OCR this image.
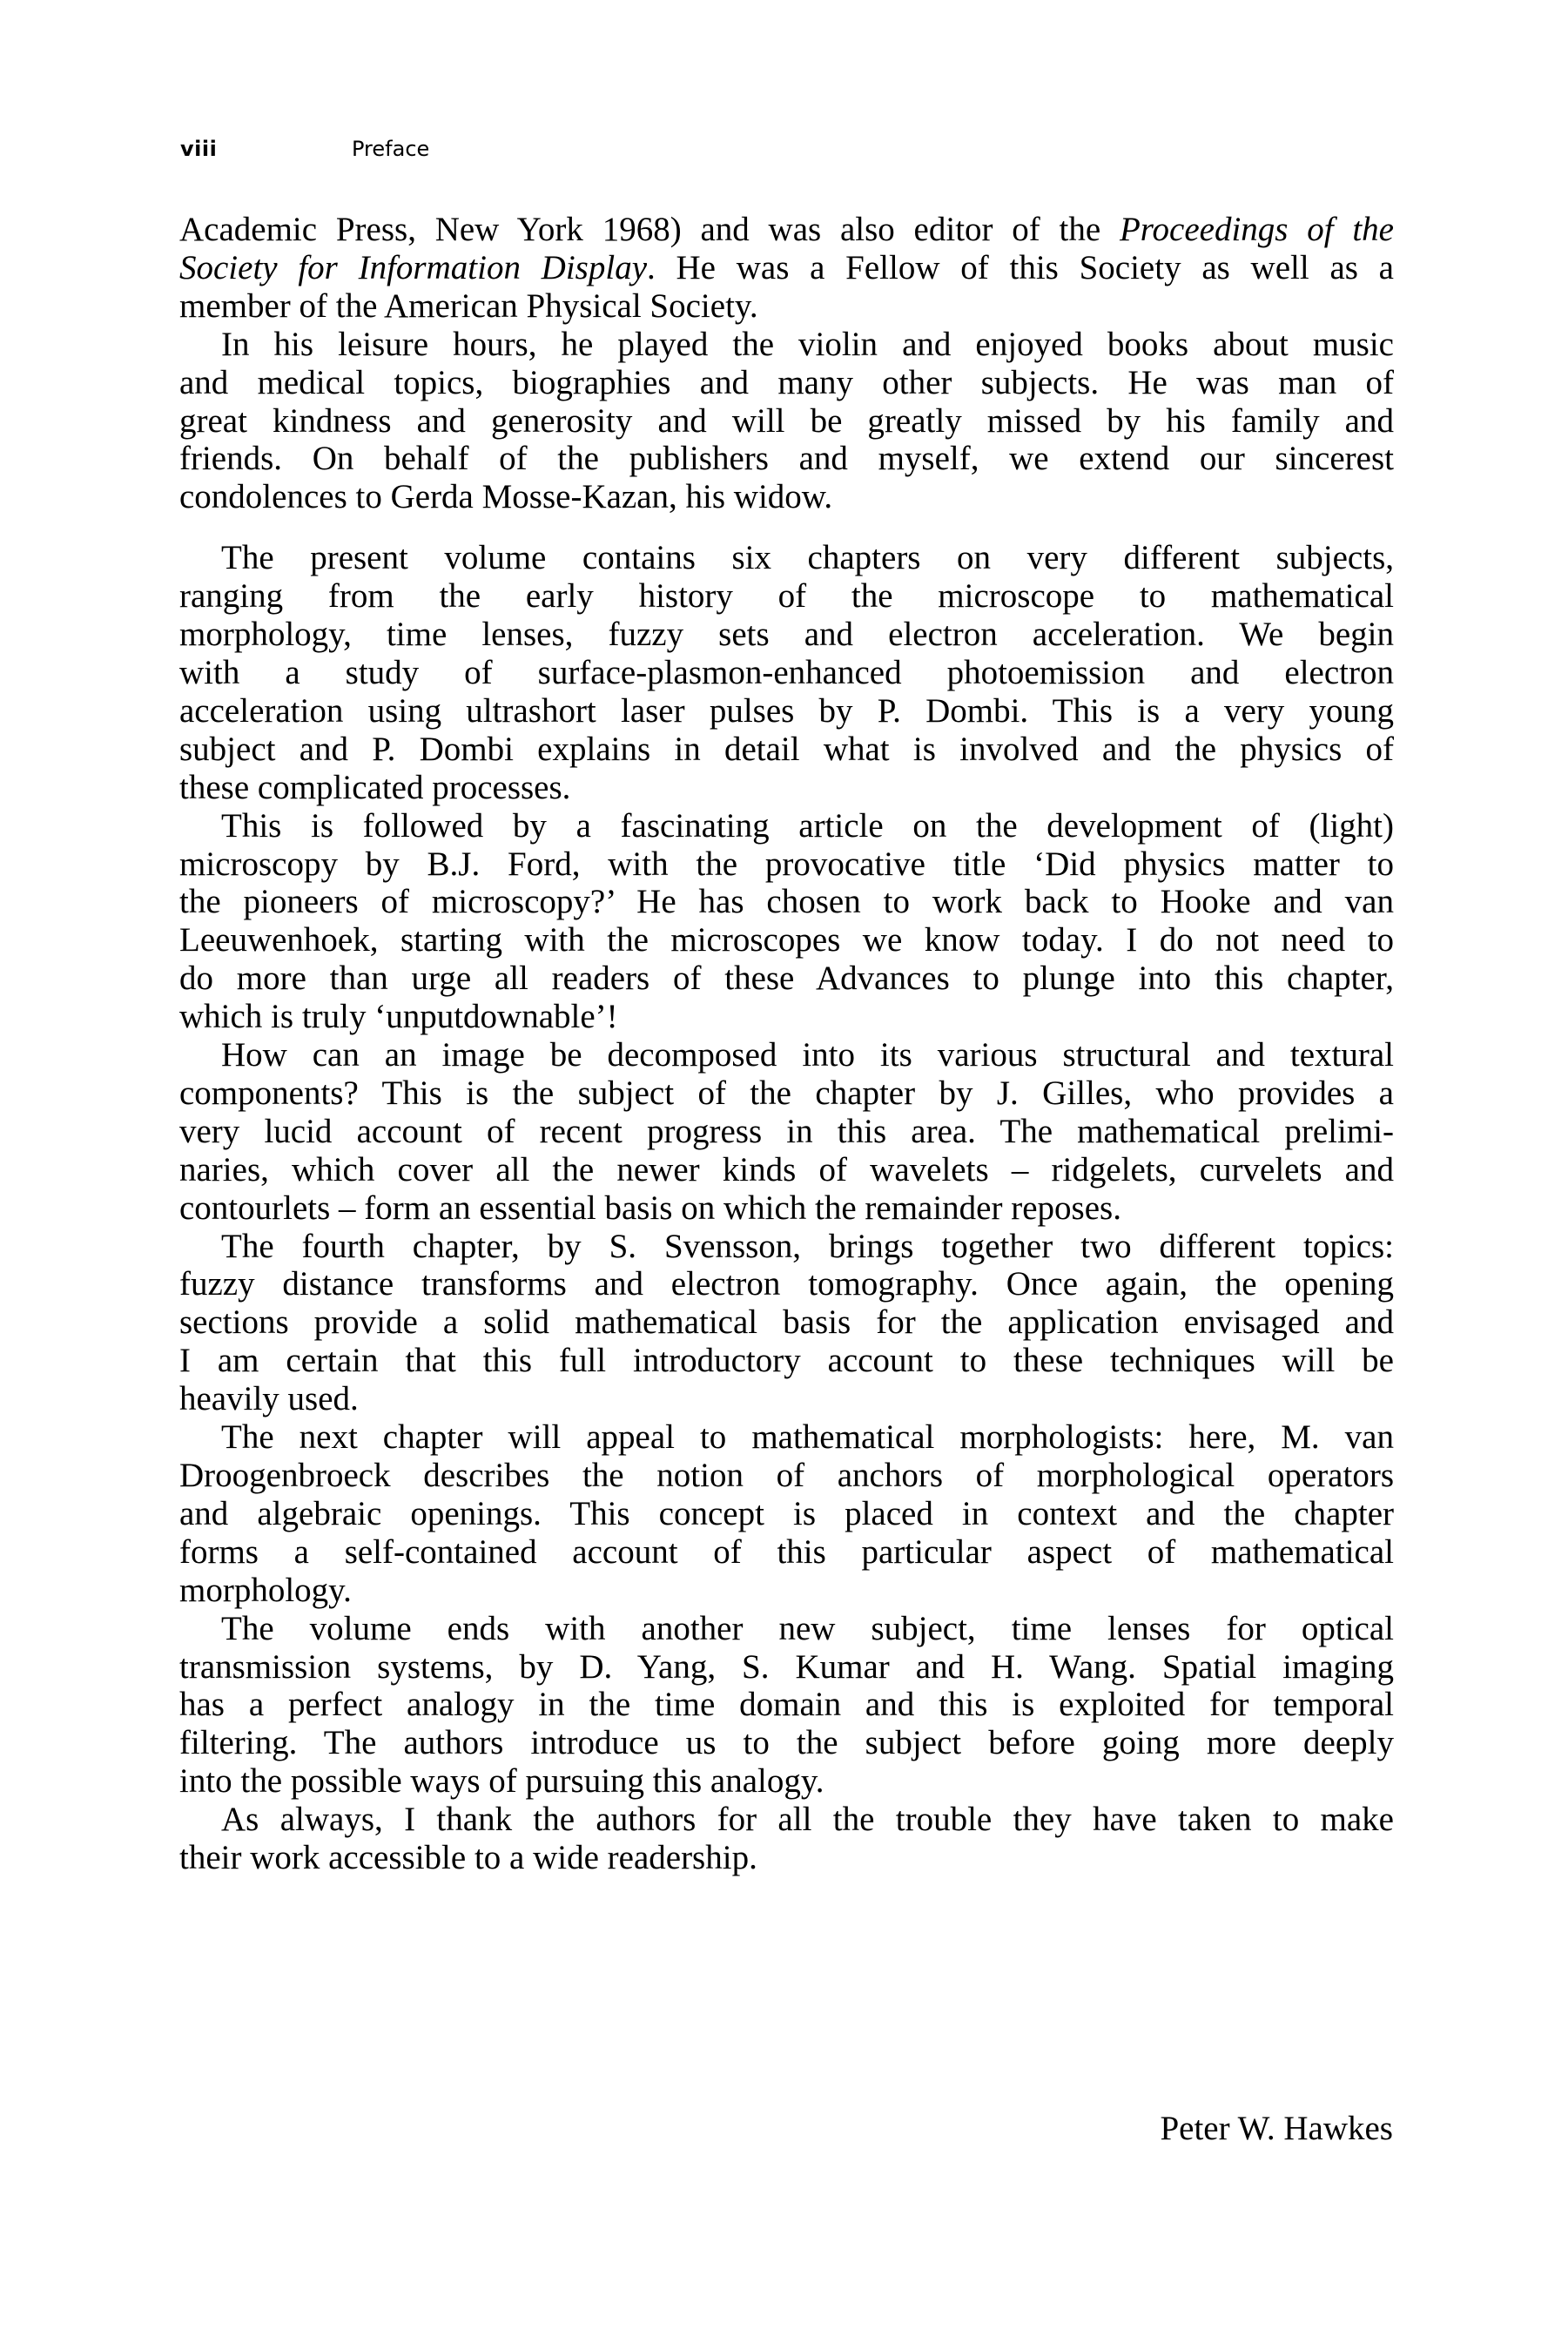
viii	Preface
Academic Press, New York 1968) and was also editor of the Proceedings of the
Society for Information Display. He was a Fellow of this Society as well as a
member of the American Physical Society.
In his leisure hours, he played the violin and enjoyed books about music
and medical topics, biographies and many other subjects. He was man of
great kindness and generosity and will be greatly missed by his family and
friends. On behalf of the publishers and myself, we extend our sincerest
condolences to Gerda Mosse-Kazan, his widow.
The present volume contains six chapters on very different subjects,
ranging from the early history of the microscope to mathematical
morphology, time lenses, fuzzy sets and electron acceleration. We begin
with a study of surface-plasmon-enhanced photoemission and electron
acceleration using ultrashort laser pulses by P. Dombi. This is a very young
subject and P. Dombi explains in detail what is involved and the physics of
these complicated processes.
This is followed by a fascinating article on the development of (light)
microscopy by B.J. Ford, with the provocative title ‘Did physics matter to
the pioneers of microscopy?’ He has chosen to work back to Hooke and van
Leeuwenhoek, starting with the microscopes we know today. I do not need to
do more than urge all readers of these Advances to plunge into this chapter,
which is truly ‘unputdownable’!
How can an image be decomposed into its various structural and textural
components? This is the subject of the chapter by J. Gilles, who provides a
very lucid account of recent progress in this area. The mathematical prelimi-
naries, which cover all the newer kinds of wavelets – ridgelets, curvelets and
contourlets – form an essential basis on which the remainder reposes.
The fourth chapter, by S. Svensson, brings together two different topics:
fuzzy distance transforms and electron tomography. Once again, the opening
sections provide a solid mathematical basis for the application envisaged and
I am certain that this full introductory account to these techniques will be
heavily used.
The next chapter will appeal to mathematical morphologists: here, M. van
Droogenbroeck describes the notion of anchors of morphological operators
and algebraic openings. This concept is placed in context and the chapter
forms a self-contained account of this particular aspect of mathematical
morphology.
The volume ends with another new subject, time lenses for optical
transmission systems, by D. Yang, S. Kumar and H. Wang. Spatial imaging
has a perfect analogy in the time domain and this is exploited for temporal
filtering. The authors introduce us to the subject before going more deeply
into the possible ways of pursuing this analogy.
As always, I thank the authors for all the trouble they have taken to make
their work accessible to a wide readership.
Peter W. Hawkes
